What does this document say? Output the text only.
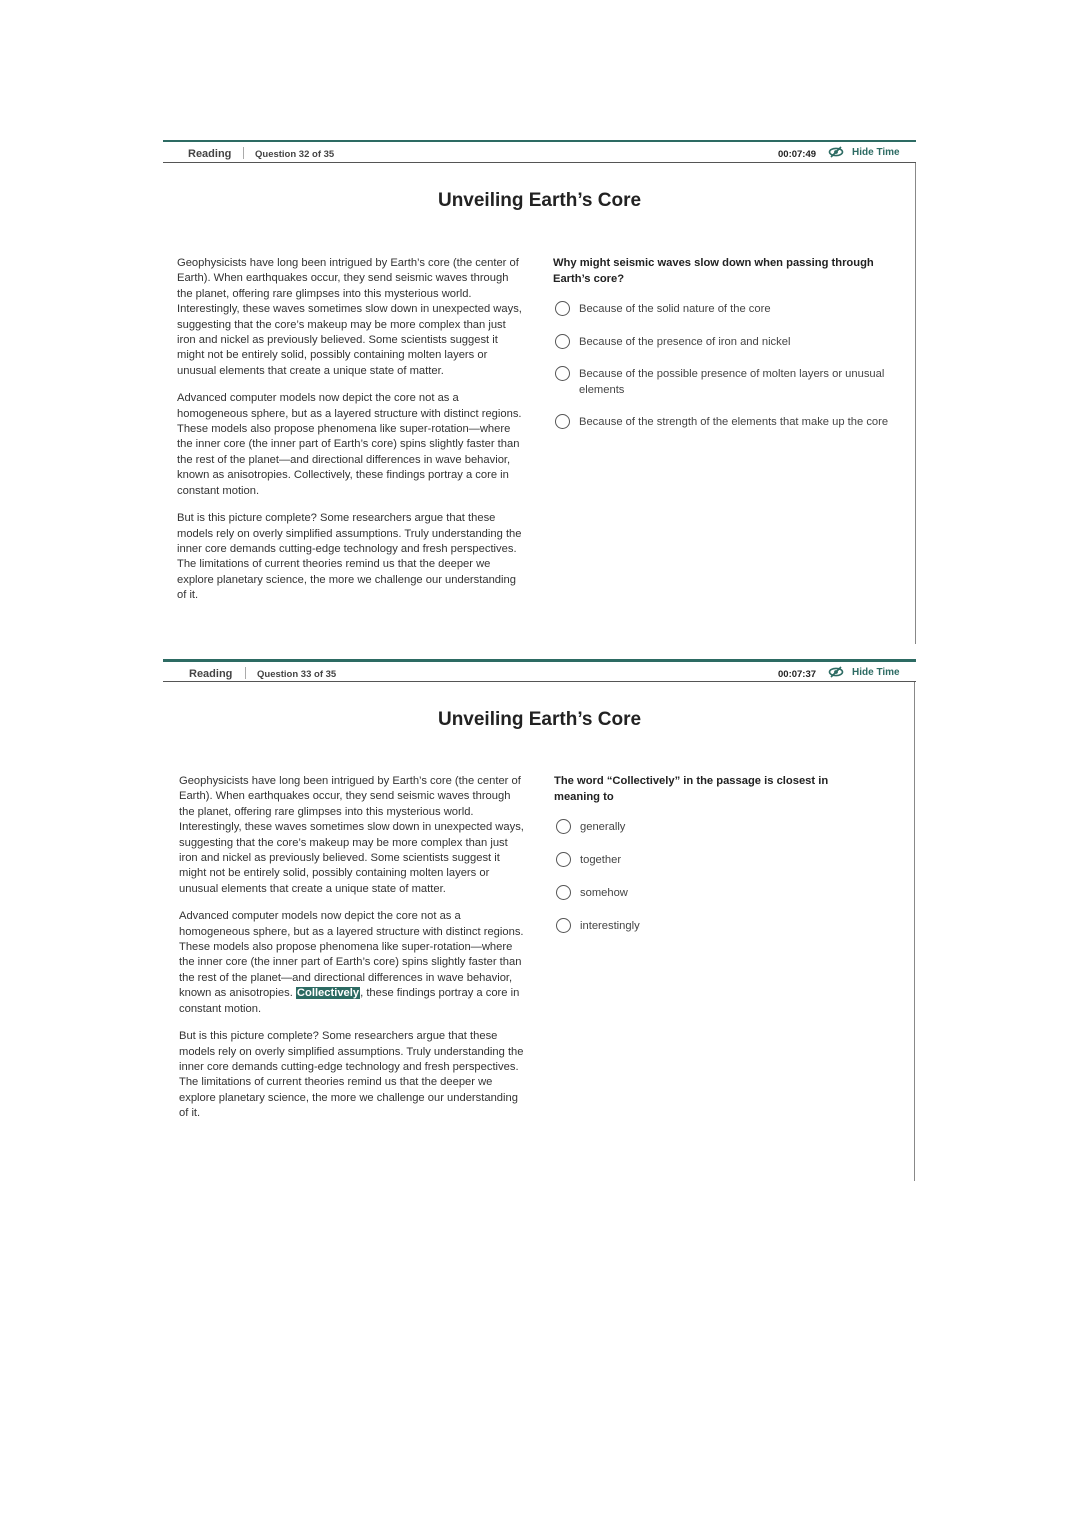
Reading Question 32 of 35	00:07:49	Hide Time
Unveiling Earth’s Core

Geophysicists have long been intrigued by Earth’s core (the center of Earth). When earthquakes occur, they send seismic waves through the planet, offering rare glimpses into this mysterious world. Interestingly, these waves sometimes slow down in unexpected ways, suggesting that the core’s makeup may be more complex than just iron and nickel as previously believed. Some scientists suggest it might not be entirely solid, possibly containing molten layers or unusual elements that create a unique state of matter.

Advanced computer models now depict the core not as a homogeneous sphere, but as a layered structure with distinct regions. These models also propose phenomena like super-rotation—where the inner core (the inner part of Earth’s core) spins slightly faster than the rest of the planet—and directional differences in wave behavior, known as anisotropies. Collectively, these findings portray a core in constant motion.

But is this picture complete? Some researchers argue that these models rely on overly simplified assumptions. Truly understanding the inner core demands cutting-edge technology and fresh perspectives. The limitations of current theories remind us that the deeper we explore planetary science, the more we challenge our understanding of it.

Why might seismic waves slow down when passing through Earth’s core?
Because of the solid nature of the core
Because of the presence of iron and nickel
Because of the possible presence of molten layers or unusual elements
Because of the strength of the elements that make up the core
Reading	Question 33 of 35	00:07:37	Hide Time
Unveiling Earth’s Core

Geophysicists have long been intrigued by Earth’s core (the center of Earth). When earthquakes occur, they send seismic waves through the planet, offering rare glimpses into this mysterious world. Interestingly, these waves sometimes slow down in unexpected ways, suggesting that the core’s makeup may be more complex than just iron and nickel as previously believed. Some scientists suggest it might not be entirely solid, possibly containing molten layers or unusual elements that create a unique state of matter.

Advanced computer models now depict the core not as a homogeneous sphere, but as a layered structure with distinct regions. These models also propose phenomena like super-rotation—where the inner core (the inner part of Earth’s core) spins slightly faster than the rest of the planet—and directional differences in wave behavior, known as anisotropies. Collectively, these findings portray a core in constant motion.

But is this picture complete? Some researchers argue that these models rely on overly simplified assumptions. Truly understanding the inner core demands cutting-edge technology and fresh perspectives. The limitations of current theories remind us that the deeper we explore planetary science, the more we challenge our understanding of it.

The word “Collectively” in the passage is closest in meaning to
generally
together
somehow
interestingly
